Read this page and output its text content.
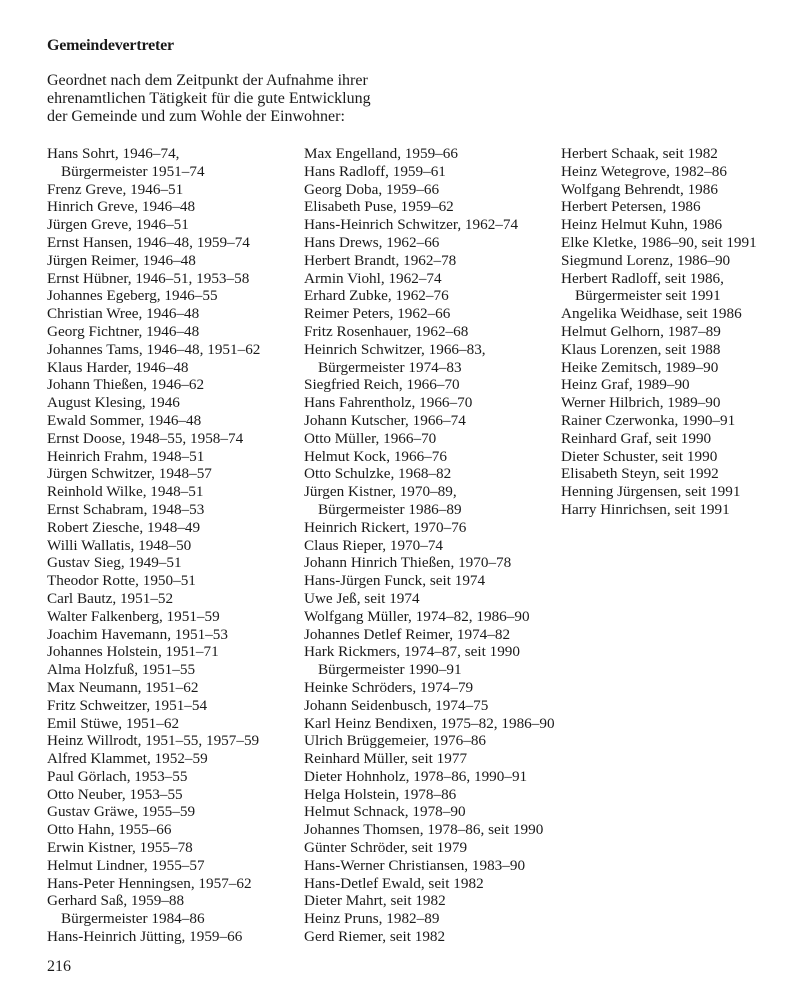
Gemeindevertreter
Geordnet nach dem Zeitpunkt der Aufnahme ihrer
ehrenamtlichen Tätigkeit für die gute Entwicklung
der Gemeinde und zum Wohle der Einwohner:
Hans Sohrt, 1946–74,
Bürgermeister 1951–74
Frenz Greve, 1946–51
Hinrich Greve, 1946–48
Jürgen Greve, 1946–51
Ernst Hansen, 1946–48, 1959–74
Jürgen Reimer, 1946–48
Ernst Hübner, 1946–51, 1953–58
Johannes Egeberg, 1946–55
Christian Wree, 1946–48
Georg Fichtner, 1946–48
Johannes Tams, 1946–48, 1951–62
Klaus Harder, 1946–48
Johann Thießen, 1946–62
August Klesing, 1946
Ewald Sommer, 1946–48
Ernst Doose, 1948–55, 1958–74
Heinrich Frahm, 1948–51
Jürgen Schwitzer, 1948–57
Reinhold Wilke, 1948–51
Ernst Schabram, 1948–53
Robert Ziesche, 1948–49
Willi Wallatis, 1948–50
Gustav Sieg, 1949–51
Theodor Rotte, 1950–51
Carl Bautz, 1951–52
Walter Falkenberg, 1951–59
Joachim Havemann, 1951–53
Johannes Holstein, 1951–71
Alma Holzfuß, 1951–55
Max Neumann, 1951–62
Fritz Schweitzer, 1951–54
Emil Stüwe, 1951–62
Heinz Willrodt, 1951–55, 1957–59
Alfred Klammet, 1952–59
Paul Görlach, 1953–55
Otto Neuber, 1953–55
Gustav Gräwe, 1955–59
Otto Hahn, 1955–66
Erwin Kistner, 1955–78
Helmut Lindner, 1955–57
Hans-Peter Henningsen, 1957–62
Gerhard Saß, 1959–88
Bürgermeister 1984–86
Hans-Heinrich Jütting, 1959–66
Max Engelland, 1959–66
Hans Radloff, 1959–61
Georg Doba, 1959–66
Elisabeth Puse, 1959–62
Hans-Heinrich Schwitzer, 1962–74
Hans Drews, 1962–66
Herbert Brandt, 1962–78
Armin Viohl, 1962–74
Erhard Zubke, 1962–76
Reimer Peters, 1962–66
Fritz Rosenhauer, 1962–68
Heinrich Schwitzer, 1966–83,
Bürgermeister 1974–83
Siegfried Reich, 1966–70
Hans Fahrentholz, 1966–70
Johann Kutscher, 1966–74
Otto Müller, 1966–70
Helmut Kock, 1966–76
Otto Schulzke, 1968–82
Jürgen Kistner, 1970–89,
Bürgermeister 1986–89
Heinrich Rickert, 1970–76
Claus Rieper, 1970–74
Johann Hinrich Thießen, 1970–78
Hans-Jürgen Funck, seit 1974
Uwe Jeß, seit 1974
Wolfgang Müller, 1974–82, 1986–90
Johannes Detlef Reimer, 1974–82
Hark Rickmers, 1974–87, seit 1990
Bürgermeister 1990–91
Heinke Schröders, 1974–79
Johann Seidenbusch, 1974–75
Karl Heinz Bendixen, 1975–82, 1986–90
Ulrich Brüggemeier, 1976–86
Reinhard Müller, seit 1977
Dieter Hohnholz, 1978–86, 1990–91
Helga Holstein, 1978–86
Helmut Schnack, 1978–90
Johannes Thomsen, 1978–86, seit 1990
Günter Schröder, seit 1979
Hans-Werner Christiansen, 1983–90
Hans-Detlef Ewald, seit 1982
Dieter Mahrt, seit 1982
Heinz Pruns, 1982–89
Gerd Riemer, seit 1982
Herbert Schaak, seit 1982
Heinz Wetegrove, 1982–86
Wolfgang Behrendt, 1986
Herbert Petersen, 1986
Heinz Helmut Kuhn, 1986
Elke Kletke, 1986–90, seit 1991
Siegmund Lorenz, 1986–90
Herbert Radloff, seit 1986,
Bürgermeister seit 1991
Angelika Weidhase, seit 1986
Helmut Gelhorn, 1987–89
Klaus Lorenzen, seit 1988
Heike Zemitsch, 1989–90
Heinz Graf, 1989–90
Werner Hilbrich, 1989–90
Rainer Czerwonka, 1990–91
Reinhard Graf, seit 1990
Dieter Schuster, seit 1990
Elisabeth Steyn, seit 1992
Henning Jürgensen, seit 1991
Harry Hinrichsen, seit 1991
216
